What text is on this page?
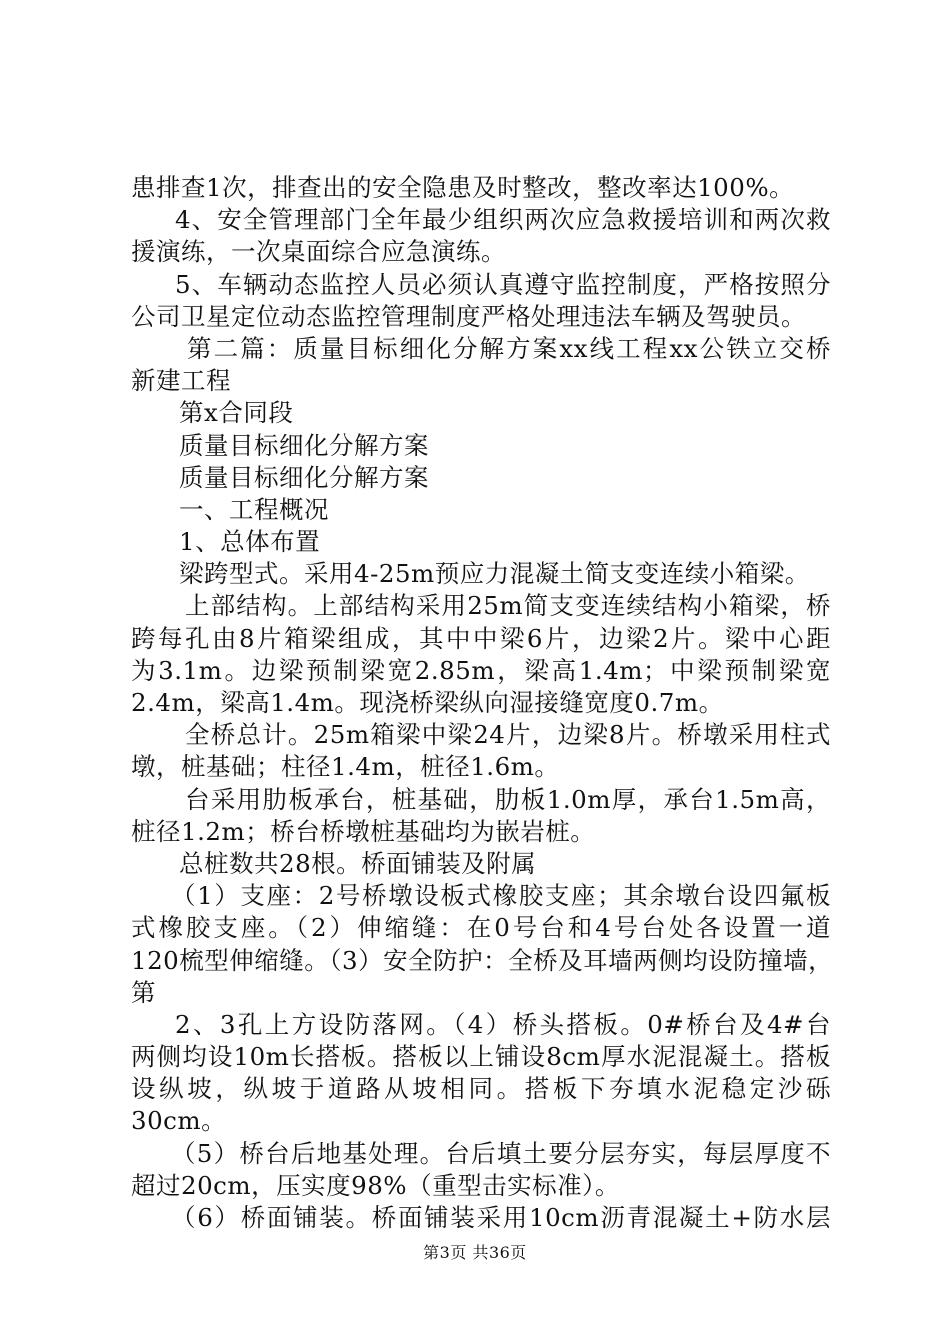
患排查1次，排查出的安全隐患及时整改，整改率达100%。
4、安全管理部门全年最少组织两次应急救援培训和两次救
援演练，一次桌面综合应急演练。
5、车辆动态监控人员必须认真遵守监控制度，严格按照分
公司卫星定位动态监控管理制度严格处理违法车辆及驾驶员。
第二篇：质量目标细化分解方案xx线工程xx公铁立交桥
新建工程
第x合同段
质量目标细化分解方案
质量目标细化分解方案
一、工程概况
1、总体布置
梁跨型式。采用4-25m预应力混凝土简支变连续小箱梁。
上部结构。上部结构采用25m简支变连续结构小箱梁，桥
跨每孔由8片箱梁组成，其中中梁6片，边梁2片。梁中心距
为3.1m。边梁预制梁宽2.85m，梁高1.4m；中梁预制梁宽
2.4m，梁高1.4m。现浇桥梁纵向湿接缝宽度0.7m。
全桥总计。25m箱梁中梁24片，边梁8片。桥墩采用柱式
墩，桩基础；柱径1.4m，桩径1.6m。
台采用肋板承台，桩基础，肋板1.0m厚，承台1.5m高，
桩径1.2m；桥台桥墩桩基础均为嵌岩桩。
总桩数共28根。桥面铺装及附属
（1）支座：2号桥墩设板式橡胶支座；其余墩台设四氟板
式橡胶支座。（2）伸缩缝：在0号台和4号台处各设置一道
120梳型伸缩缝。（3）安全防护：全桥及耳墙两侧均设防撞墙，
第
2、3孔上方设防落网。（4）桥头搭板。0#桥台及4#台
两侧均设10m长搭板。搭板以上铺设8cm厚水泥混凝土。搭板
设纵坡，纵坡于道路从坡相同。搭板下夯填水泥稳定沙砾
30cm。
（5）桥台后地基处理。台后填土要分层夯实，每层厚度不
超过20cm，压实度98%（重型击实标准）。
（6）桥面铺装。桥面铺装采用10cm沥青混凝土+防水层
第3页 共36页
